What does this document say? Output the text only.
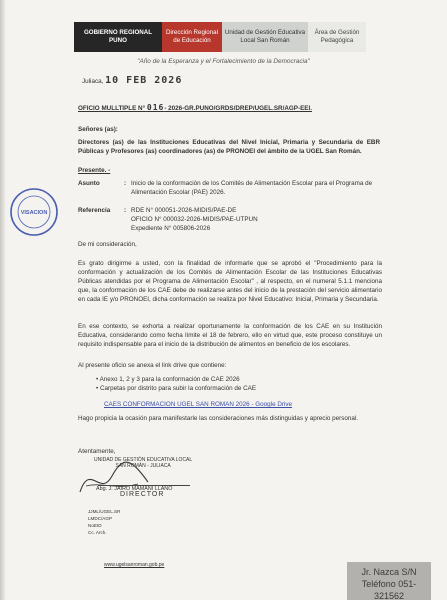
GOBIERNO REGIONAL PUNO
Dirección Regional de Educación
Unidad de Gestión Educativa Local San Román
Área de Gestión Pedagógica
"Año de la Esperanza y el Fortalecimiento de la Democracia"
Juliaca, 10 FEB 2026
OFICIO MULLTIPLE N° 016- 2026-GR.PUNO/GRDS/DREP/UGEL.SR/AGP-EEI.
Señores (as):
Directores (as) de las Instituciones Educativas del Nivel Inicial, Primaria y Secundaria de EBR Públicas y Profesores (as) coordinadores (as) de PRONOEI del ámbito de la UGEL San Román.
Presente. -
Asunto	: Inicio de la conformación de los Comités de Alimentación Escolar para el Programa de Alimentación Escolar (PAE) 2026.
Referencia : RDE N° 000051-2026-MIDIS/PAE-DE
OFICIO N° 000032-2026-MIDIS/PAE-UTPUN
Expediente N° 005806-2026
VISACION
De mi consideración,
Es grato dirigirme a usted, con la finalidad de informarle que se aprobó el "Procedimiento para la conformación y actualización de los Comités de Alimentación Escolar de las Instituciones Educativas Públicas atendidas por el Programa de Alimentación Escolar" , al respecto, en el numeral 5.1.1 menciona que, la conformación de los CAE debe de realizarse antes del inicio de la prestación del servicio alimentario en cada IE y/o PRONOEI, dicha conformación se realiza por Nivel Educativo: Inicial, Primaria y Secundaria.
En ese contexto, se exhorta a realizar oportunamente la conformación de los CAE en su Institución Educativa, considerando como fecha límite el 18 de febrero, ello en virtud que, este proceso constituye un requisito indispensable para el inicio de la distribución de alimentos en beneficio de los escolares.
Al presente oficio se anexa el link drive que contiene:
• Anexo 1, 2 y 3 para la conformación de CAE 2026
• Carpetas por distrito para subir la conformación de CAE
CAES CONFORMACION UGEL SAN ROMAN 2026 - Google Drive
Hago propicia la ocasión para manifestarle las consideraciones más distinguidas y aprecio personal.
Atentamente,
UNIDAD DE GESTIÓN EDUCATIVA LOCAL
SAN ROMÁN - JULIACA
Abg. J. JAIRO MAMANI LLANO
DIRECTOR
JJML/UGEL.SR
LMDC/AGP
NoEID
Cc. Arch.
www.ugelsanroman.gob.pe
Jr. Nazca S/N
Teléfono 051-321562
